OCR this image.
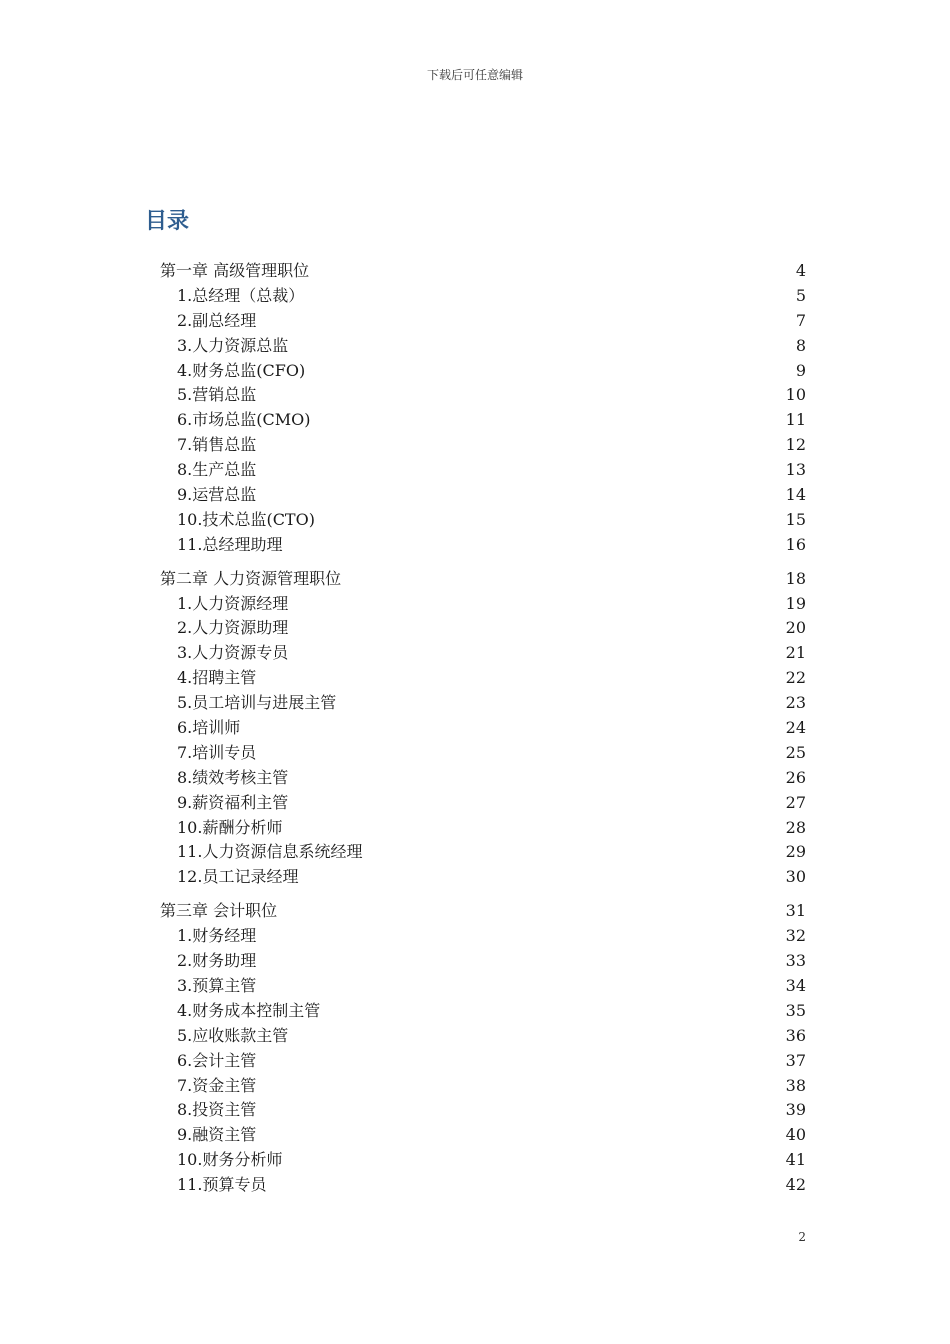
下载后可任意编辑
目录
第一章 高级管理职位	4
1.总经理（总裁）	5
2.副总经理	7
3.人力资源总监	8
4.财务总监(CFO)	9
5.营销总监	10
6.市场总监(CMO)	11
7.销售总监	12
8.生产总监	13
9.运营总监	14
10.技术总监(CTO)	15
11.总经理助理	16
第二章 人力资源管理职位	18
1.人力资源经理	19
2.人力资源助理	20
3.人力资源专员	21
4.招聘主管	22
5.员工培训与进展主管	23
6.培训师	24
7.培训专员	25
8.绩效考核主管	26
9.薪资福利主管	27
10.薪酬分析师	28
11.人力资源信息系统经理	29
12.员工记录经理	30
第三章 会计职位	31
1.财务经理	32
2.财务助理	33
3.预算主管	34
4.财务成本控制主管	35
5.应收账款主管	36
6.会计主管	37
7.资金主管	38
8.投资主管	39
9.融资主管	40
10.财务分析师	41
11.预算专员	42
2
